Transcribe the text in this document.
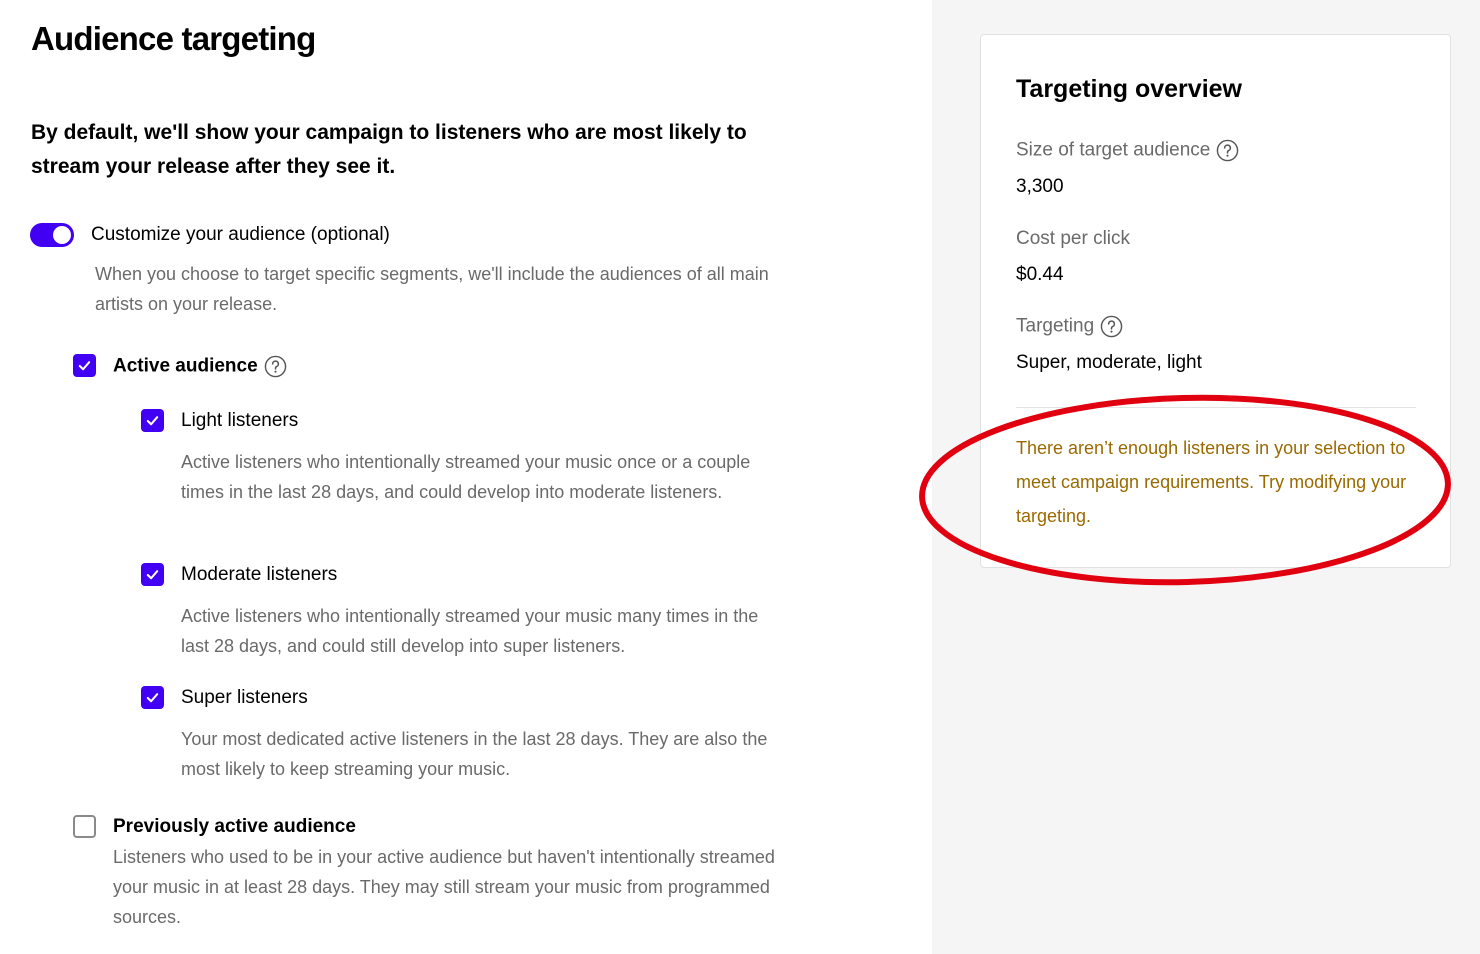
Audience targeting

By default, we'll show your campaign to listeners who are most likely to stream your release after they see it.

Customize your audience (optional)
When you choose to target specific segments, we'll include the audiences of all main artists on your release.
Active audience
Light listeners
Active listeners who intentionally streamed your music once or a couple times in the last 28 days, and could develop into moderate listeners.
Moderate listeners
Active listeners who intentionally streamed your music many times in the last 28 days, and could still develop into super listeners.
Super listeners
Your most dedicated active listeners in the last 28 days. They are also the most likely to keep streaming your music.
Previously active audience
Listeners who used to be in your active audience but haven't intentionally streamed your music in at least 28 days. They may still stream your music from programmed sources.
Targeting overview
Size of target audience
3,300
Cost per click
$0.44
Targeting
Super, moderate, light
There aren’t enough listeners in your selection to meet campaign requirements. Try modifying your targeting.
